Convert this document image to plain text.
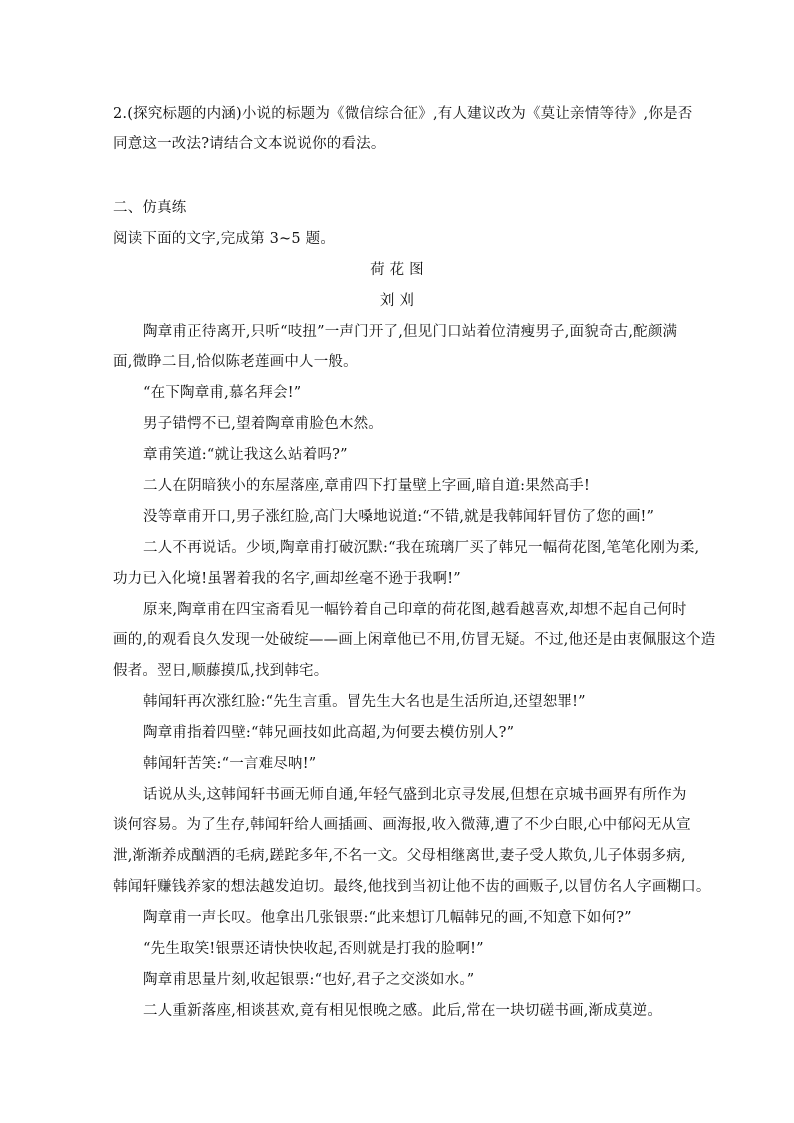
2.(探究标题的内涵)小说的标题为《微信综合征》,有人建议改为《莫让亲情等待》,你是否
同意这一改法?请结合文本说说你的看法。
二、仿真练
阅读下面的文字,完成第 3~5 题。
荷 花 图
刘 刈
陶章甫正待离开,只听“吱扭”一声门开了,但见门口站着位清瘦男子,面貌奇古,酡颜满
面,微睁二目,恰似陈老莲画中人一般。
“在下陶章甫,慕名拜会!”
男子错愕不已,望着陶章甫脸色木然。
章甫笑道:“就让我这么站着吗?”
二人在阴暗狭小的东屋落座,章甫四下打量壁上字画,暗自道:果然高手!
没等章甫开口,男子涨红脸,高门大嗓地说道:“不错,就是我韩闻轩冒仿了您的画!”
二人不再说话。少顷,陶章甫打破沉默:“我在琉璃厂买了韩兄一幅荷花图,笔笔化刚为柔,
功力已入化境!虽署着我的名字,画却丝毫不逊于我啊!”
原来,陶章甫在四宝斋看见一幅钤着自己印章的荷花图,越看越喜欢,却想不起自己何时
画的,的观看良久发现一处破绽——画上闲章他已不用,仿冒无疑。不过,他还是由衷佩服这个造
假者。翌日,顺藤摸瓜,找到韩宅。
韩闻轩再次涨红脸:“先生言重。冒先生大名也是生活所迫,还望恕罪!”
陶章甫指着四壁:“韩兄画技如此高超,为何要去模仿别人?”
韩闻轩苦笑:“一言难尽呐!”
话说从头,这韩闻轩书画无师自通,年轻气盛到北京寻发展,但想在京城书画界有所作为
谈何容易。为了生存,韩闻轩给人画插画、画海报,收入微薄,遭了不少白眼,心中郁闷无从宣
泄,渐渐养成酗酒的毛病,蹉跎多年,不名一文。父母相继离世,妻子受人欺负,儿子体弱多病,
韩闻轩赚钱养家的想法越发迫切。最终,他找到当初让他不齿的画贩子,以冒仿名人字画糊口。
陶章甫一声长叹。他拿出几张银票:“此来想订几幅韩兄的画,不知意下如何?”
“先生取笑!银票还请快快收起,否则就是打我的脸啊!”
陶章甫思量片刻,收起银票:“也好,君子之交淡如水。”
二人重新落座,相谈甚欢,竟有相见恨晚之感。此后,常在一块切磋书画,渐成莫逆。
